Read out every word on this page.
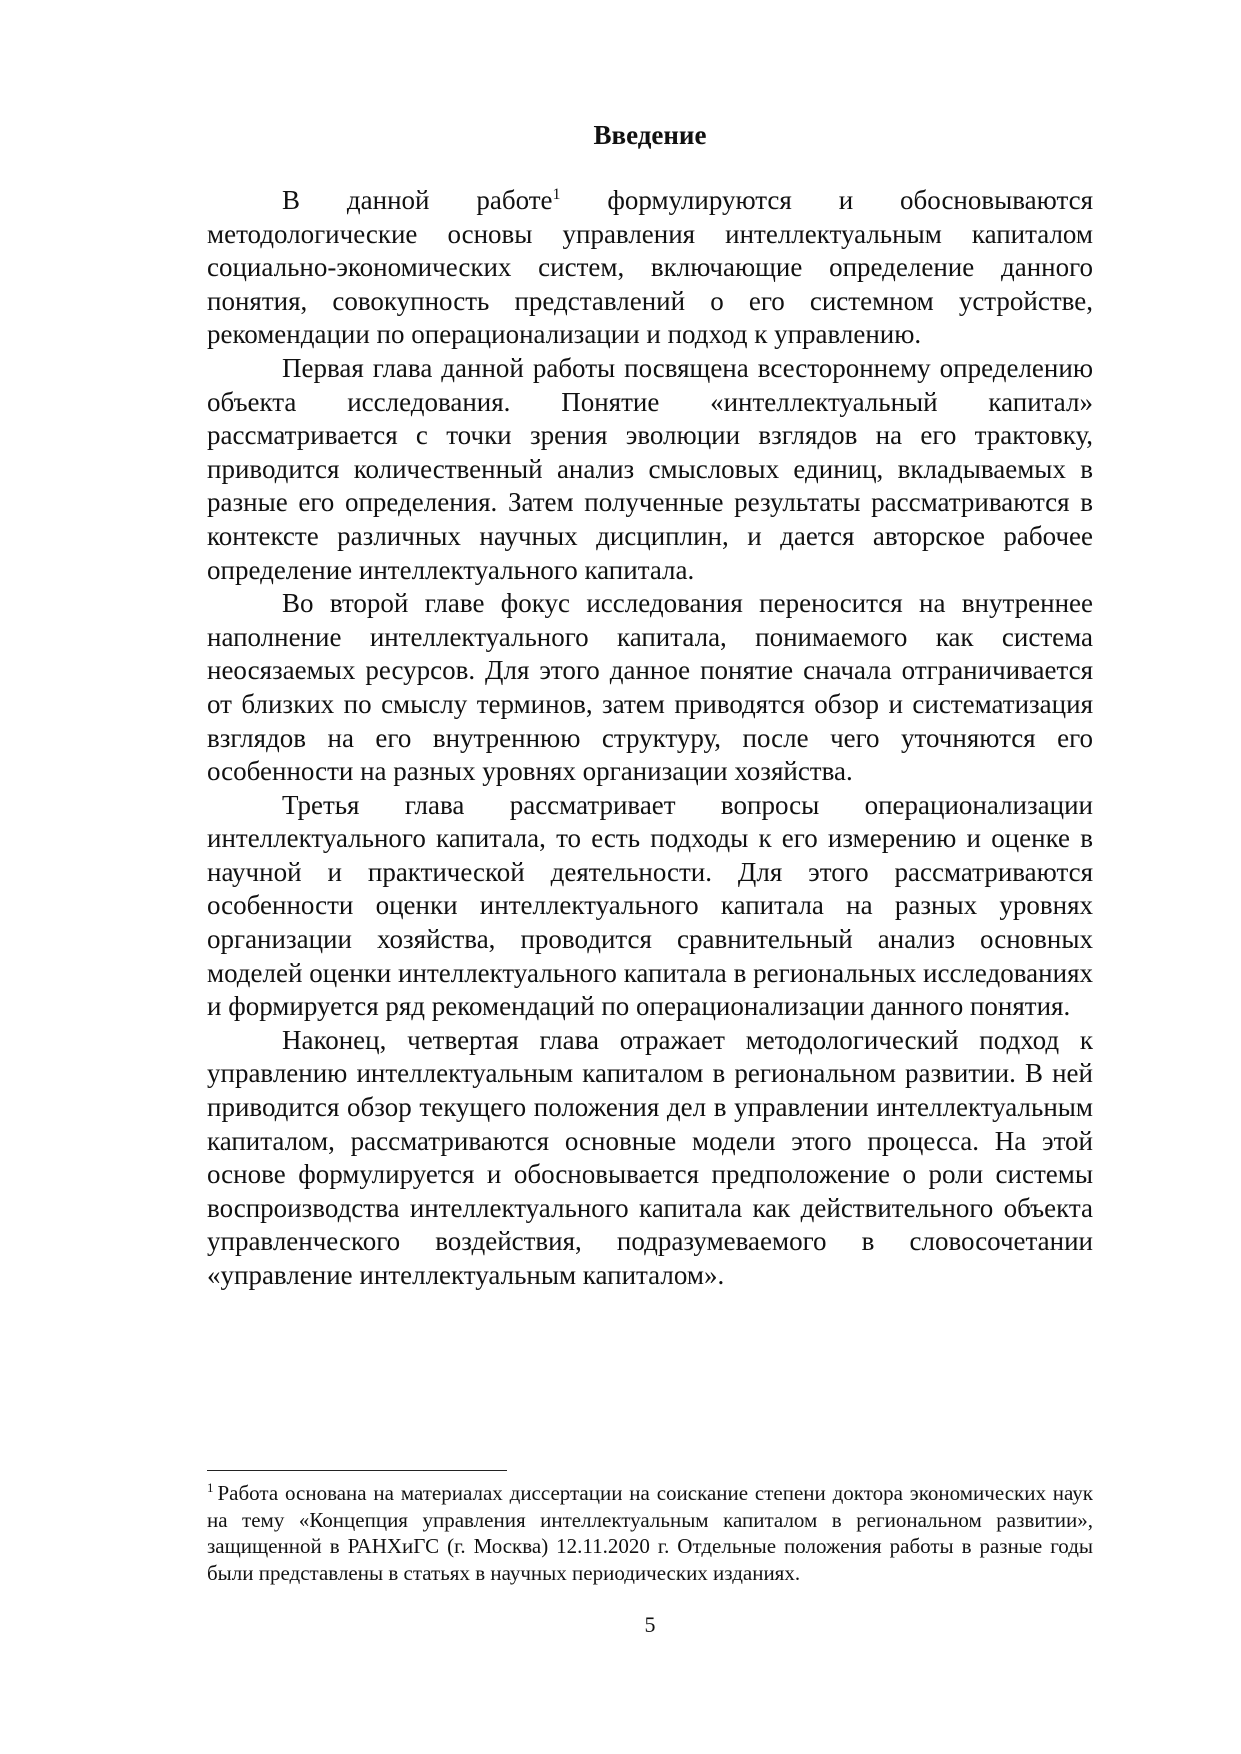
Введение

В данной работе$^1$ формулируются и обосновываются методологические основы управления интеллектуальным капиталом социально-экономических систем, включающие определение данного понятия, совокупность представлений о его системном устройстве, рекомендации по операционализации и подход к управлению.

Первая глава данной работы посвящена всестороннему определению объекта исследования. Понятие «интеллектуальный капитал» рассматривается с точки зрения эволюции взглядов на его трактовку, приводится количественный анализ смысловых единиц, вкладываемых в разные его определения. Затем полученные результаты рассматриваются в контексте различных научных дисциплин, и дается авторское рабочее определение интеллектуального капитала.

Во второй главе фокус исследования переносится на внутреннее наполнение интеллектуального капитала, понимаемого как система неосязаемых ресурсов. Для этого данное понятие сначала отграничивается от близких по смыслу терминов, затем приводятся обзор и систематизация взглядов на его внутреннюю структуру, после чего уточняются его особенности на разных уровнях организации хозяйства.

Третья глава рассматривает вопросы операционализации интеллектуального капитала, то есть подходы к его измерению и оценке в научной и практической деятельности. Для этого рассматриваются особенности оценки интеллектуального капитала на разных уровнях организации хозяйства, проводится сравнительный анализ основных моделей оценки интеллектуального капитала в региональных исследованиях и формируется ряд рекомендаций по операционализации данного понятия.

Наконец, четвертая глава отражает методологический подход к управлению интеллектуальным капиталом в региональном развитии. В ней приводится обзор текущего положения дел в управлении интеллектуальным капиталом, рассматриваются основные модели этого процесса. На этой основе формулируется и обосновывается предположение о роли системы воспроизводства интеллектуального капитала как действительного объекта управленческого воздействия, подразумеваемого в словосочетании «управление интеллектуальным капиталом».

$^1$ Работа основана на материалах диссертации на соискание степени доктора экономических наук на тему «Концепция управления интеллектуальным капиталом в региональном развитии», защищенной в РАНХиГС (г. Москва) 12.11.2020 г. Отдельные положения работы в разные годы были представлены в статьях в научных периодических изданиях.
5
